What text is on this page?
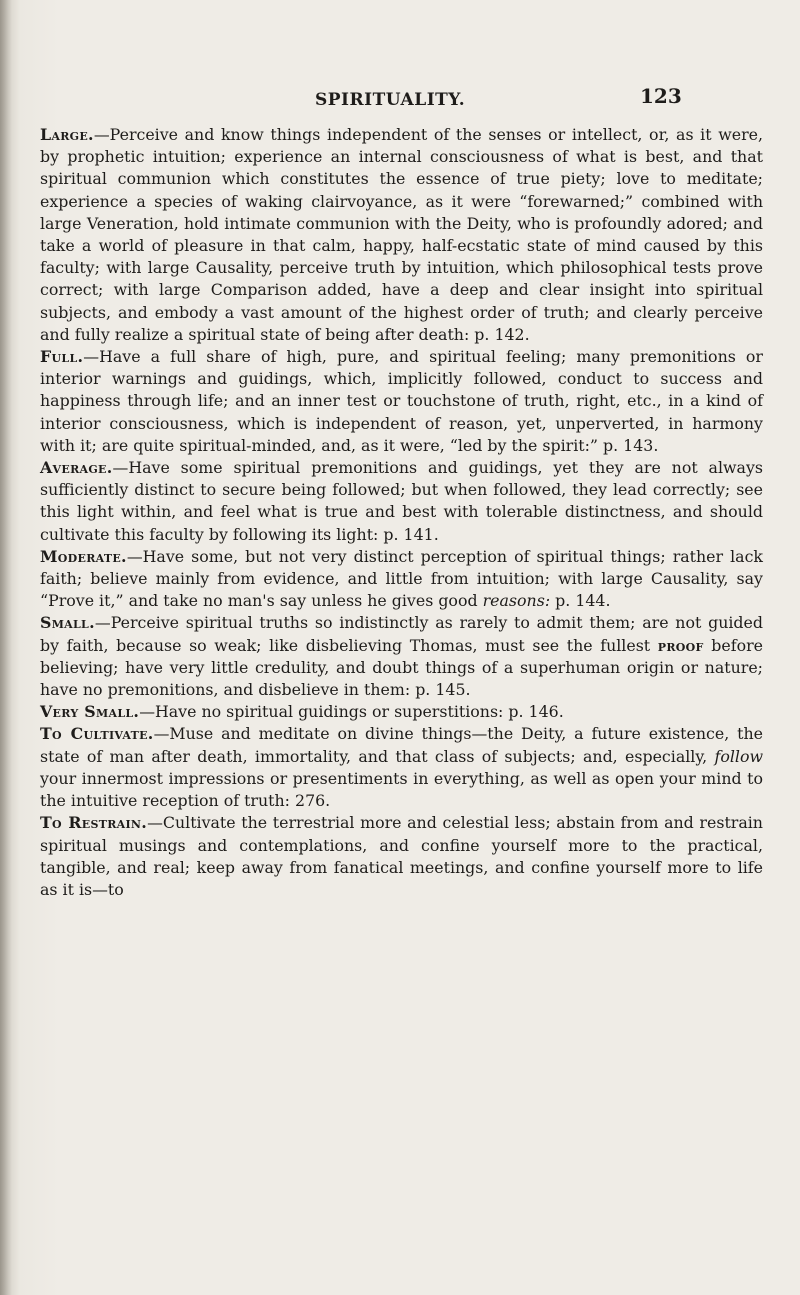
SPIRITUALITY.	123

Large.—Perceive and know things independent of the senses or intellect, or, as it were, by prophetic intuition; experience an internal consciousness of what is best, and that spiritual communion which constitutes the essence of true piety; love to meditate; experience a species of waking clairvoyance, as it were “forewarned;” combined with large Veneration, hold intimate communion with the Deity, who is profoundly adored; and take a world of pleasure in that calm, happy, half-ecstatic state of mind caused by this faculty; with large Causality, perceive truth by intuition, which philosophical tests prove correct; with large Comparison added, have a deep and clear insight into spiritual subjects, and embody a vast amount of the highest order of truth; and clearly perceive and fully realize a spiritual state of being after death: p. 142.

Full.—Have a full share of high, pure, and spiritual feeling; many premonitions or interior warnings and guidings, which, implicitly followed, conduct to success and happiness through life; and an inner test or touchstone of truth, right, etc., in a kind of interior consciousness, which is independent of reason, yet, unperverted, in harmony with it; are quite spiritual-minded, and, as it were, “led by the spirit:” p. 143.

Average.—Have some spiritual premonitions and guidings, yet they are not always sufficiently distinct to secure being followed; but when followed, they lead correctly; see this light within, and feel what is true and best with tolerable distinctness, and should cultivate this faculty by following its light: p. 141.

Moderate.—Have some, but not very distinct perception of spiritual things; rather lack faith; believe mainly from evidence, and little from intuition; with large Causality, say “Prove it,” and take no man's say unless he gives good reasons: p. 144.

Small.—Perceive spiritual truths so indistinctly as rarely to admit them; are not guided by faith, because so weak; like disbelieving Thomas, must see the fullest proof before believing; have very little credulity, and doubt things of a superhuman origin or nature; have no premonitions, and disbelieve in them: p. 145.

Very Small.—Have no spiritual guidings or superstitions: p. 146.

To Cultivate.—Muse and meditate on divine things—the Deity, a future existence, the state of man after death, immortality, and that class of subjects; and, especially, follow your innermost impressions or presentiments in everything, as well as open your mind to the intuitive reception of truth: 276.

To Restrain.—Cultivate the terrestrial more and celestial less; abstain from and restrain spiritual musings and contemplations, and confine yourself more to the practical, tangible, and real; keep away from fanatical meetings, and confine yourself more to life as it is—to
